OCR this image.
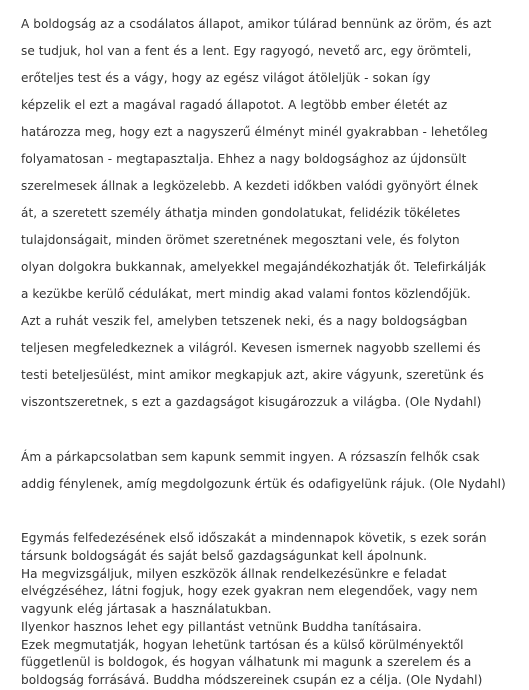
A boldogság az a csodálatos állapot, amikor túlárad bennünk az öröm, és azt
se tudjuk, hol van a fent és a lent. Egy ragyogó, nevető arc, egy örömteli,
erőteljes test és a vágy, hogy az egész világot átöleljük - sokan így
képzelik el ezt a magával ragadó állapotot. A legtöbb ember életét az
határozza meg, hogy ezt a nagyszerű élményt minél gyakrabban - lehetőleg
folyamatosan - megtapasztalja. Ehhez a nagy boldogsághoz az újdonsült
szerelmesek állnak a legközelebb. A kezdeti időkben valódi gyönyört élnek
át, a szeretett személy áthatja minden gondolatukat, felidézik tökéletes
tulajdonságait, minden örömet szeretnének megosztani vele, és folyton
olyan dolgokra bukkannak, amelyekkel megajándékozhatják őt. Telefirkálják
a kezükbe kerülő cédulákat, mert mindig akad valami fontos közlendőjük.
Azt a ruhát veszik fel, amelyben tetszenek neki, és a nagy boldogságban
teljesen megfeledkeznek a világról. Kevesen ismernek nagyobb szellemi és
testi beteljesülést, mint amikor megkapjuk azt, akire vágyunk, szeretünk és
viszontszeretnek, s ezt a gazdagságot kisugározzuk a világba. (Ole Nydahl)
Ám a párkapcsolatban sem kapunk semmit ingyen. A rózsaszín felhők csak
addig fénylenek, amíg megdolgozunk értük és odafigyelünk rájuk. (Ole Nydahl)
Egymás felfedezésének első időszakát a mindennapok követik, s ezek során
társunk boldogságát és saját belső gazdagságunkat kell ápolnunk.
Ha megvizsgáljuk, milyen eszközök állnak rendelkezésünkre e feladat
elvégzéséhez, látni fogjuk, hogy ezek gyakran nem elegendőek, vagy nem
vagyunk elég jártasak a használatukban.
Ilyenkor hasznos lehet egy pillantást vetnünk Buddha tanításaira.
Ezek megmutatják, hogyan lehetünk tartósan és a külső körülményektől
függetlenül is boldogok, és hogyan válhatunk mi magunk a szerelem és a
boldogság forrásává. Buddha módszereinek csupán ez a célja. (Ole Nydahl)
